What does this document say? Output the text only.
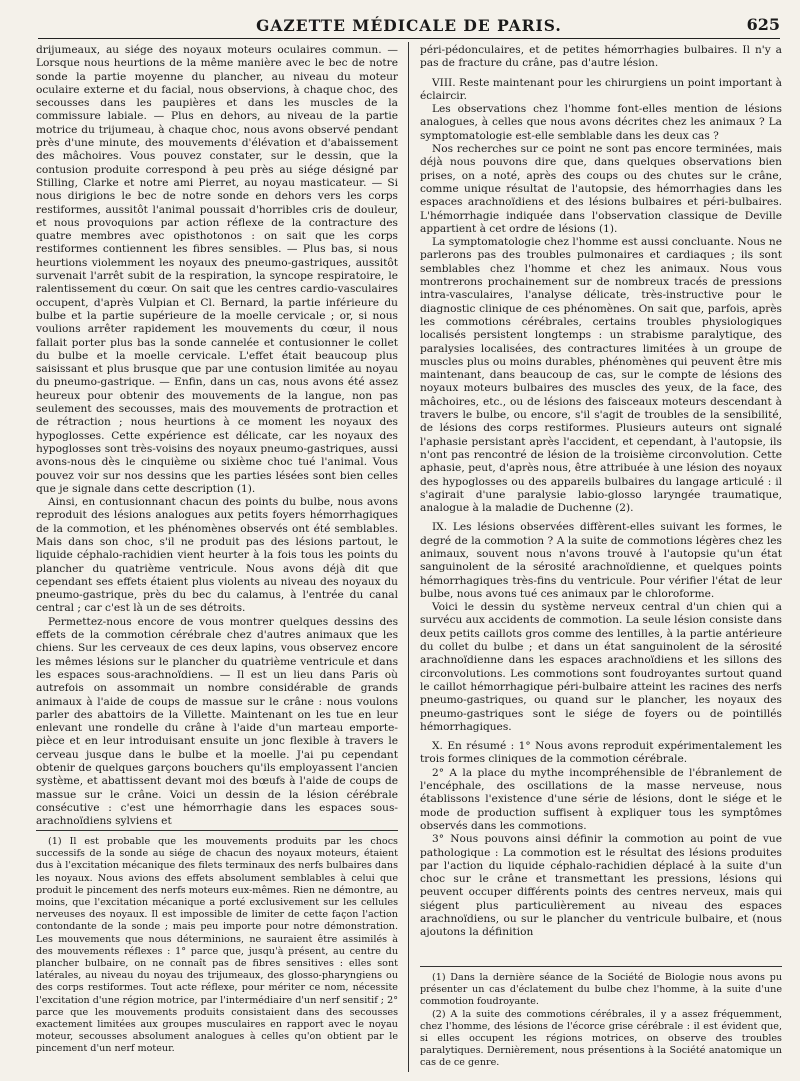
GAZETTE MÉDICALE DE PARIS.	625

drijumeaux, au siége des noyaux moteurs oculaires commun. — Lorsque nous heurtions de la même manière avec le bec de notre sonde la partie moyenne du plancher, au niveau du moteur oculaire externe et du facial, nous observions, à chaque choc, des secousses dans les paupières et dans les muscles de la commissure labiale. — Plus en dehors, au niveau de la partie motrice du trijumeau, à chaque choc, nous avons observé pendant près d'une minute, des mouvements d'élévation et d'abaissement des mâchoires. Vous pouvez constater, sur le dessin, que la contusion produite correspond à peu près au siége désigné par Stilling, Clarke et notre ami Pierret, au noyau masticateur. — Si nous dirigions le bec de notre sonde en dehors vers les corps restiformes, aussitôt l'animal poussait d'horribles cris de douleur, et nous provoquions par action réflexe de la contracture des quatre membres avec opisthotonos : on sait que les corps restiformes contiennent les fibres sensibles. — Plus bas, si nous heurtions violemment les noyaux des pneumo-gastriques, aussitôt survenait l'arrêt subit de la respiration, la syncope respiratoire, le ralentissement du cœur. On sait que les centres cardio-vasculaires occupent, d'après Vulpian et Cl. Bernard, la partie inférieure du bulbe et la partie supérieure de la moelle cervicale ; or, si nous voulions arrêter rapidement les mouvements du cœur, il nous fallait porter plus bas la sonde cannelée et contusionner le collet du bulbe et la moelle cervicale. L'effet était beaucoup plus saisissant et plus brusque que par une contusion limitée au noyau du pneumo-gastrique. — Enfin, dans un cas, nous avons été assez heureux pour obtenir des mouvements de la langue, non pas seulement des secousses, mais des mouvements de protraction et de rétraction ; nous heurtions à ce moment les noyaux des hypoglosses. Cette expérience est délicate, car les noyaux des hypoglosses sont très-voisins des noyaux pneumo-gastriques, aussi avons-nous dès le cinquième ou sixième choc tué l'animal. Vous pouvez voir sur nos dessins que les parties lésées sont bien celles que je signale dans cette description (1).

Ainsi, en contusionnant chacun des points du bulbe, nous avons reproduit des lésions analogues aux petits foyers hémorrhagiques de la commotion, et les phénomènes observés ont été semblables. Mais dans son choc, s'il ne produit pas des lésions partout, le liquide céphalo-rachidien vient heurter à la fois tous les points du plancher du quatrième ventricule. Nous avons déjà dit que cependant ses effets étaient plus violents au niveau des noyaux du pneumo-gastrique, près du bec du calamus, à l'entrée du canal central ; car c'est là un de ses détroits.

Permettez-nous encore de vous montrer quelques dessins des effets de la commotion cérébrale chez d'autres animaux que les chiens. Sur les cerveaux de ces deux lapins, vous observez encore les mêmes lésions sur le plancher du quatrième ventricule et dans les espaces sous-arachnoïdiens. — Il est un lieu dans Paris où autrefois on assommait un nombre considérable de grands animaux à l'aide de coups de massue sur le crâne : nous voulons parler des abattoirs de la Villette. Maintenant on les tue en leur enlevant une rondelle du crâne à l'aide d'un marteau emporte-pièce et en leur introduisant ensuite un jonc flexible à travers le cerveau jusque dans le bulbe et la moelle. J'ai pu cependant obtenir de quelques garçons bouchers qu'ils employassent l'ancien système, et abattissent devant moi des bœufs à l'aide de coups de massue sur le crâne. Voici un dessin de la lésion cérébrale consécutive : c'est une hémorrhagie dans les espaces sous-arachnoïdiens sylviens et

(1) Il est probable que les mouvements produits par les chocs successifs de la sonde au siége de chacun des noyaux moteurs, étaient dus à l'excitation mécanique des filets terminaux des nerfs bulbaires dans les noyaux. Nous avions des effets absolument semblables à celui que produit le pincement des nerfs moteurs eux-mêmes. Rien ne démontre, au moins, que l'excitation mécanique a porté exclusivement sur les cellules nerveuses des noyaux. Il est impossible de limiter de cette façon l'action contondante de la sonde ; mais peu importe pour notre démonstration. Les mouvements que nous déterminions, ne sauraient être assimilés à des mouvements réflexes : 1° parce que, jusqu'à présent, au centre du plancher bulbaire, on ne connaît pas de fibres sensitives : elles sont latérales, au niveau du noyau des trijumeaux, des glosso-pharyngiens ou des corps restiformes. Tout acte réflexe, pour mériter ce nom, nécessite l'excitation d'une région motrice, par l'intermédiaire d'un nerf sensitif ; 2° parce que les mouvements produits consistaient dans des secousses exactement limitées aux groupes musculaires en rapport avec le noyau moteur, secousses absolument analogues à celles qu'on obtient par le pincement d'un nerf moteur.

péri-pédonculaires, et de petites hémorrhagies bulbaires. Il n'y a pas de fracture du crâne, pas d'autre lésion.

VIII. Reste maintenant pour les chirurgiens un point important à éclaircir.

Les observations chez l'homme font-elles mention de lésions analogues, à celles que nous avons décrites chez les animaux ? La symptomatologie est-elle semblable dans les deux cas ?

Nos recherches sur ce point ne sont pas encore terminées, mais déjà nous pouvons dire que, dans quelques observations bien prises, on a noté, après des coups ou des chutes sur le crâne, comme unique résultat de l'autopsie, des hémorrhagies dans les espaces arachnoïdiens et des lésions bulbaires et péri-bulbaires. L'hémorrhagie indiquée dans l'observation classique de Deville appartient à cet ordre de lésions (1).

La symptomatologie chez l'homme est aussi concluante. Nous ne parlerons pas des troubles pulmonaires et cardiaques ; ils sont semblables chez l'homme et chez les animaux. Nous vous montrerons prochainement sur de nombreux tracés de pressions intra-vasculaires, l'analyse délicate, très-instructive pour le diagnostic clinique de ces phénomènes. On sait que, parfois, après les commotions cérébrales, certains troubles physiologiques localisés persistent longtemps : un strabisme paralytique, des paralysies localisées, des contractures limitées à un groupe de muscles plus ou moins durables, phénomènes qui peuvent être mis maintenant, dans beaucoup de cas, sur le compte de lésions des noyaux moteurs bulbaires des muscles des yeux, de la face, des mâchoires, etc., ou de lésions des faisceaux moteurs descendant à travers le bulbe, ou encore, s'il s'agit de troubles de la sensibilité, de lésions des corps restiformes. Plusieurs auteurs ont signalé l'aphasie persistant après l'accident, et cependant, à l'autopsie, ils n'ont pas rencontré de lésion de la troisième circonvolution. Cette aphasie, peut, d'après nous, être attribuée à une lésion des noyaux des hypoglosses ou des appareils bulbaires du langage articulé : il s'agirait d'une paralysie labio-glosso laryngée traumatique, analogue à la maladie de Duchenne (2).

IX. Les lésions observées diffèrent-elles suivant les formes, le degré de la commotion ? A la suite de commotions légères chez les animaux, souvent nous n'avons trouvé à l'autopsie qu'un état sanguinolent de la sérosité arachnoïdienne, et quelques points hémorrhagiques très-fins du ventricule. Pour vérifier l'état de leur bulbe, nous avons tué ces animaux par le chloroforme.

Voici le dessin du système nerveux central d'un chien qui a survécu aux accidents de commotion. La seule lésion consiste dans deux petits caillots gros comme des lentilles, à la partie antérieure du collet du bulbe ; et dans un état sanguinolent de la sérosité arachnoïdienne dans les espaces arachnoïdiens et les sillons des circonvolutions. Les commotions sont foudroyantes surtout quand le caillot hémorrhagique péri-bulbaire atteint les racines des nerfs pneumo-gastriques, ou quand sur le plancher, les noyaux des pneumo-gastriques sont le siége de foyers ou de pointillés hémorrhagiques.

X. En résumé : 1° Nous avons reproduit expérimentalement les trois formes cliniques de la commotion cérébrale.

2° A la place du mythe incompréhensible de l'ébranlement de l'encéphale, des oscillations de la masse nerveuse, nous établissons l'existence d'une série de lésions, dont le siége et le mode de production suffisent à expliquer tous les symptômes observés dans les commotions.

3° Nous pouvons ainsi définir la commotion au point de vue pathologique : La commotion est le résultat des lésions produites par l'action du liquide céphalo-rachidien déplacé à la suite d'un choc sur le crâne et transmettant les pressions, lésions qui peuvent occuper différents points des centres nerveux, mais qui siégent plus particulièrement au niveau des espaces arachnoïdiens, ou sur le plancher du ventricule bulbaire, et (nous ajoutons la définition

(1) Dans la dernière séance de la Société de Biologie nous avons pu présenter un cas d'éclatement du bulbe chez l'homme, à la suite d'une commotion foudroyante.

(2) A la suite des commotions cérébrales, il y a assez fréquemment, chez l'homme, des lésions de l'écorce grise cérébrale : il est évident que, si elles occupent les régions motrices, on observe des troubles paralytiques. Dernièrement, nous présentions à la Société anatomique un cas de ce genre.
